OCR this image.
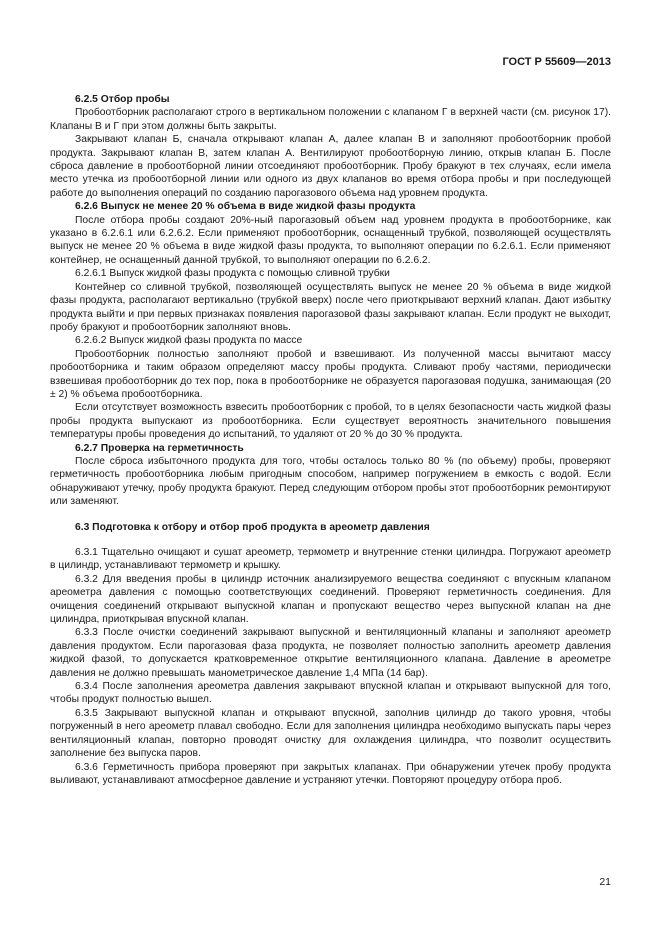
ГОСТ Р 55609—2013

6.2.5 Отбор пробы

Пробоотборник располагают строго в вертикальном положении с клапаном Г в верхней части (см. рисунок 17). Клапаны В и Г при этом должны быть закрыты.

Закрывают клапан Б, сначала открывают клапан А, далее клапан В и заполняют пробоотборник пробой продукта. Закрывают клапан В, затем клапан А. Вентилируют пробоотборную линию, открыв клапан Б. После сброса давление в пробоотборной линии отсоединяют пробоотборник. Пробу бракуют в тех случаях, если имела место утечка из пробоотборной линии или одного из двух клапанов во время отбора пробы и при последующей работе до выполнения операций по созданию парогазового объема над уровнем продукта.

6.2.6 Выпуск не менее 20 % объема в виде жидкой фазы продукта

После отбора пробы создают 20%-ный парогазовый объем над уровнем продукта в пробоотборнике, как указано в 6.2.6.1 или 6.2.6.2. Если применяют пробоотборник, оснащенный трубкой, позволяющей осуществлять выпуск не менее 20 % объема в виде жидкой фазы продукта, то выполняют операции по 6.2.6.1. Если применяют контейнер, не оснащенный данной трубкой, то выполняют операции по 6.2.6.2.

6.2.6.1 Выпуск жидкой фазы продукта с помощью сливной трубки

Контейнер со сливной трубкой, позволяющей осуществлять выпуск не менее 20 % объема в виде жидкой фазы продукта, располагают вертикально (трубкой вверх) после чего приоткрывают верхний клапан. Дают избытку продукта выйти и при первых признаках появления парогазовой фазы закрывают клапан. Если продукт не выходит, пробу бракуют и пробоотборник заполняют вновь.

6.2.6.2 Выпуск жидкой фазы продукта по массе

Пробоотборник полностью заполняют пробой и взвешивают. Из полученной массы вычитают массу пробоотборника и таким образом определяют массу пробы продукта. Сливают пробу частями, периодически взвешивая пробоотборник до тех пор, пока в пробоотборнике не образуется парогазовая подушка, занимающая (20 ± 2) % объема пробоотборника.

Если отсутствует возможность взвесить пробоотборник с пробой, то в целях безопасности часть жидкой фазы пробы продукта выпускают из пробоотборника. Если существует вероятность значительного повышения температуры пробы проведения до испытаний, то удаляют от 20 % до 30 % продукта.

6.2.7 Проверка на герметичность

После сброса избыточного продукта для того, чтобы осталось только 80 % (по объему) пробы, проверяют герметичность пробоотборника любым пригодным способом, например погружением в емкость с водой. Если обнаруживают утечку, пробу продукта бракуют. Перед следующим отбором пробы этот пробоотборник ремонтируют или заменяют.

6.3 Подготовка к отбору и отбор проб продукта в ареометр давления

6.3.1 Тщательно очищают и сушат ареометр, термометр и внутренние стенки цилиндра. Погружают ареометр в цилиндр, устанавливают термометр и крышку.

6.3.2 Для введения пробы в цилиндр источник анализируемого вещества соединяют с впускным клапаном ареометра давления с помощью соответствующих соединений. Проверяют герметичность соединения. Для очищения соединений открывают выпускной клапан и пропускают вещество через выпускной клапан на дне цилиндра, приоткрывая впускной клапан.

6.3.3 После очистки соединений закрывают выпускной и вентиляционный клапаны и заполняют ареометр давления продуктом. Если парогазовая фаза продукта, не позволяет полностью заполнить ареометр давления жидкой фазой, то допускается кратковременное открытие вентиляционного клапана. Давление в ареометре давления не должно превышать манометрическое давление 1,4 МПа (14 бар).

6.3.4 После заполнения ареометра давления закрывают впускной клапан и открывают выпускной для того, чтобы продукт полностью вышел.

6.3.5 Закрывают выпускной клапан и открывают впускной, заполнив цилиндр до такого уровня, чтобы погруженный в него ареометр плавал свободно. Если для заполнения цилиндра необходимо выпускать пары через вентиляционный клапан, повторно проводят очистку для охлаждения цилиндра, что позволит осуществить заполнение без выпуска паров.

6.3.6 Герметичность прибора проверяют при закрытых клапанах. При обнаружении утечек пробу продукта выливают, устанавливают атмосферное давление и устраняют утечки. Повторяют процедуру отбора проб.

21
